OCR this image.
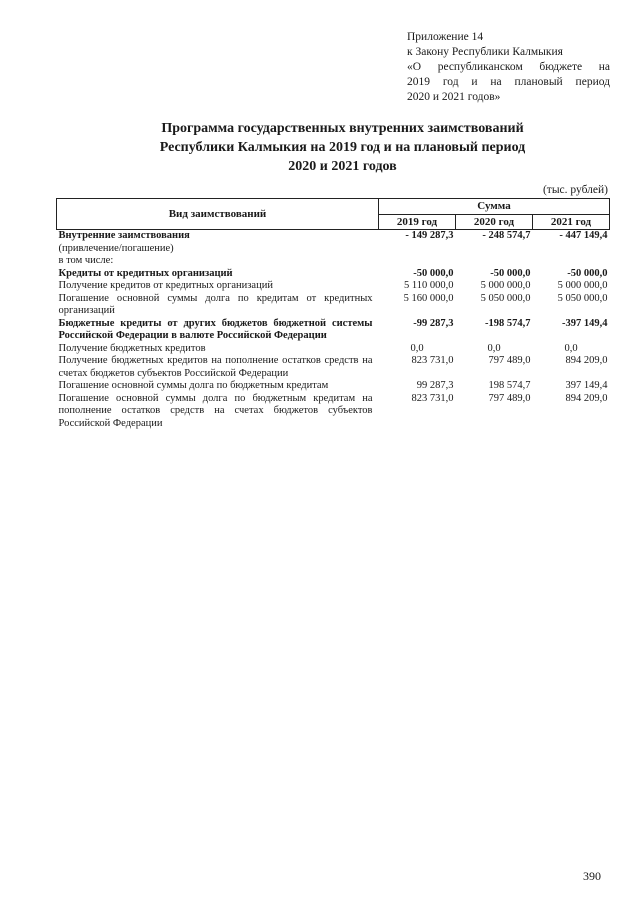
Приложение 14
к Закону Республики Калмыкия
«О республиканском бюджете на
2019 год и на плановый период
2020 и 2021 годов»
Программа государственных внутренних заимствований
Республики Калмыкия на 2019 год и на плановый период
2020 и 2021 годов
(тыс. рублей)
Вид заимствований	Сумма		
	2019 год	2020 год	2021 год
Внутренние заимствования	- 149 287,3	- 248 574,7	- 447 149,4
(привлечение/погашение)			
в том числе:			
Кредиты от кредитных организаций	-50 000,0	-50 000,0	-50 000,0
Получение кредитов от кредитных организаций	5 110 000,0	5 000 000,0	5 000 000,0
Погашение основной суммы долга по кредитам от кредитных организаций	5 160 000,0	5 050 000,0	5 050 000,0
Бюджетные кредиты от других бюджетов бюджетной системы Российской Федерации в валюте Российской Федерации	-99 287,3	-198 574,7	-397 149,4
Получение бюджетных кредитов	0,0	0,0	0,0
Получение бюджетных кредитов на пополнение остатков средств на счетах бюджетов субъектов Российской Федерации	823 731,0	797 489,0	894 209,0
Погашение основной суммы долга по бюджетным кредитам	99 287,3	198 574,7	397 149,4
Погашение основной суммы долга по бюджетным кредитам на пополнение остатков средств на счетах бюджетов субъектов Российской Федерации	823 731,0	797 489,0	894 209,0
390
